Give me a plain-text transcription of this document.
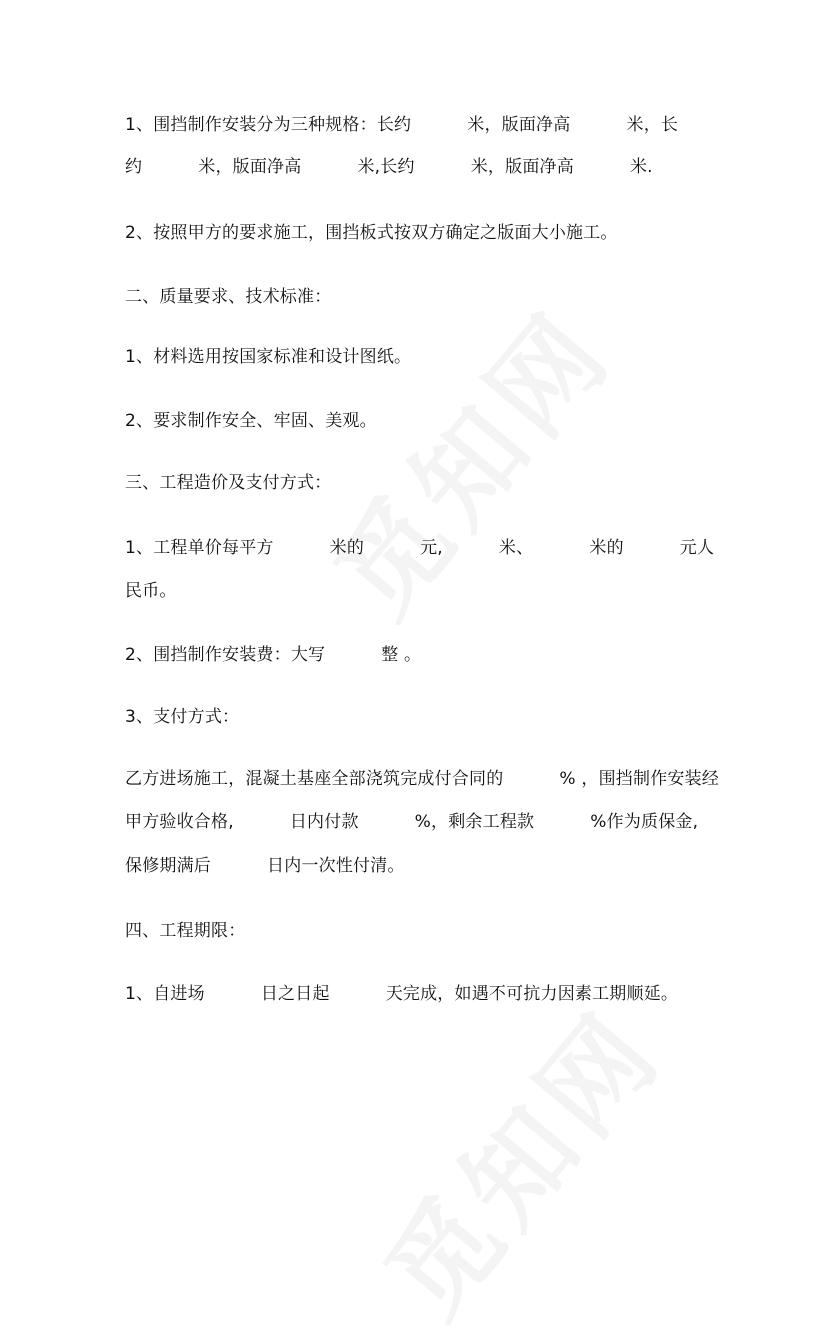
1、围挡制作安装分为三种规格：长约          米，版面净高          米，长
约          米，版面净高          米,长约          米，版面净高          米.
2、按照甲方的要求施工，围挡板式按双方确定之版面大小施工。
二、质量要求、技术标准：
1、材料选用按国家标准和设计图纸。
2、要求制作安全、牢固、美观。
三、工程造价及支付方式：
1、工程单价每平方          米的          元,          米、          米的          元人
民币。
2、围挡制作安装费：大写          整 。
3、支付方式：
乙方进场施工，混凝土基座全部浇筑完成付合同的          % ，围挡制作安装经
甲方验收合格,          日内付款          %，剩余工程款          %作为质保金,
保修期满后          日内一次性付清。
四、工程期限：
1、自进场          日之日起          天完成，如遇不可抗力因素工期顺延。
